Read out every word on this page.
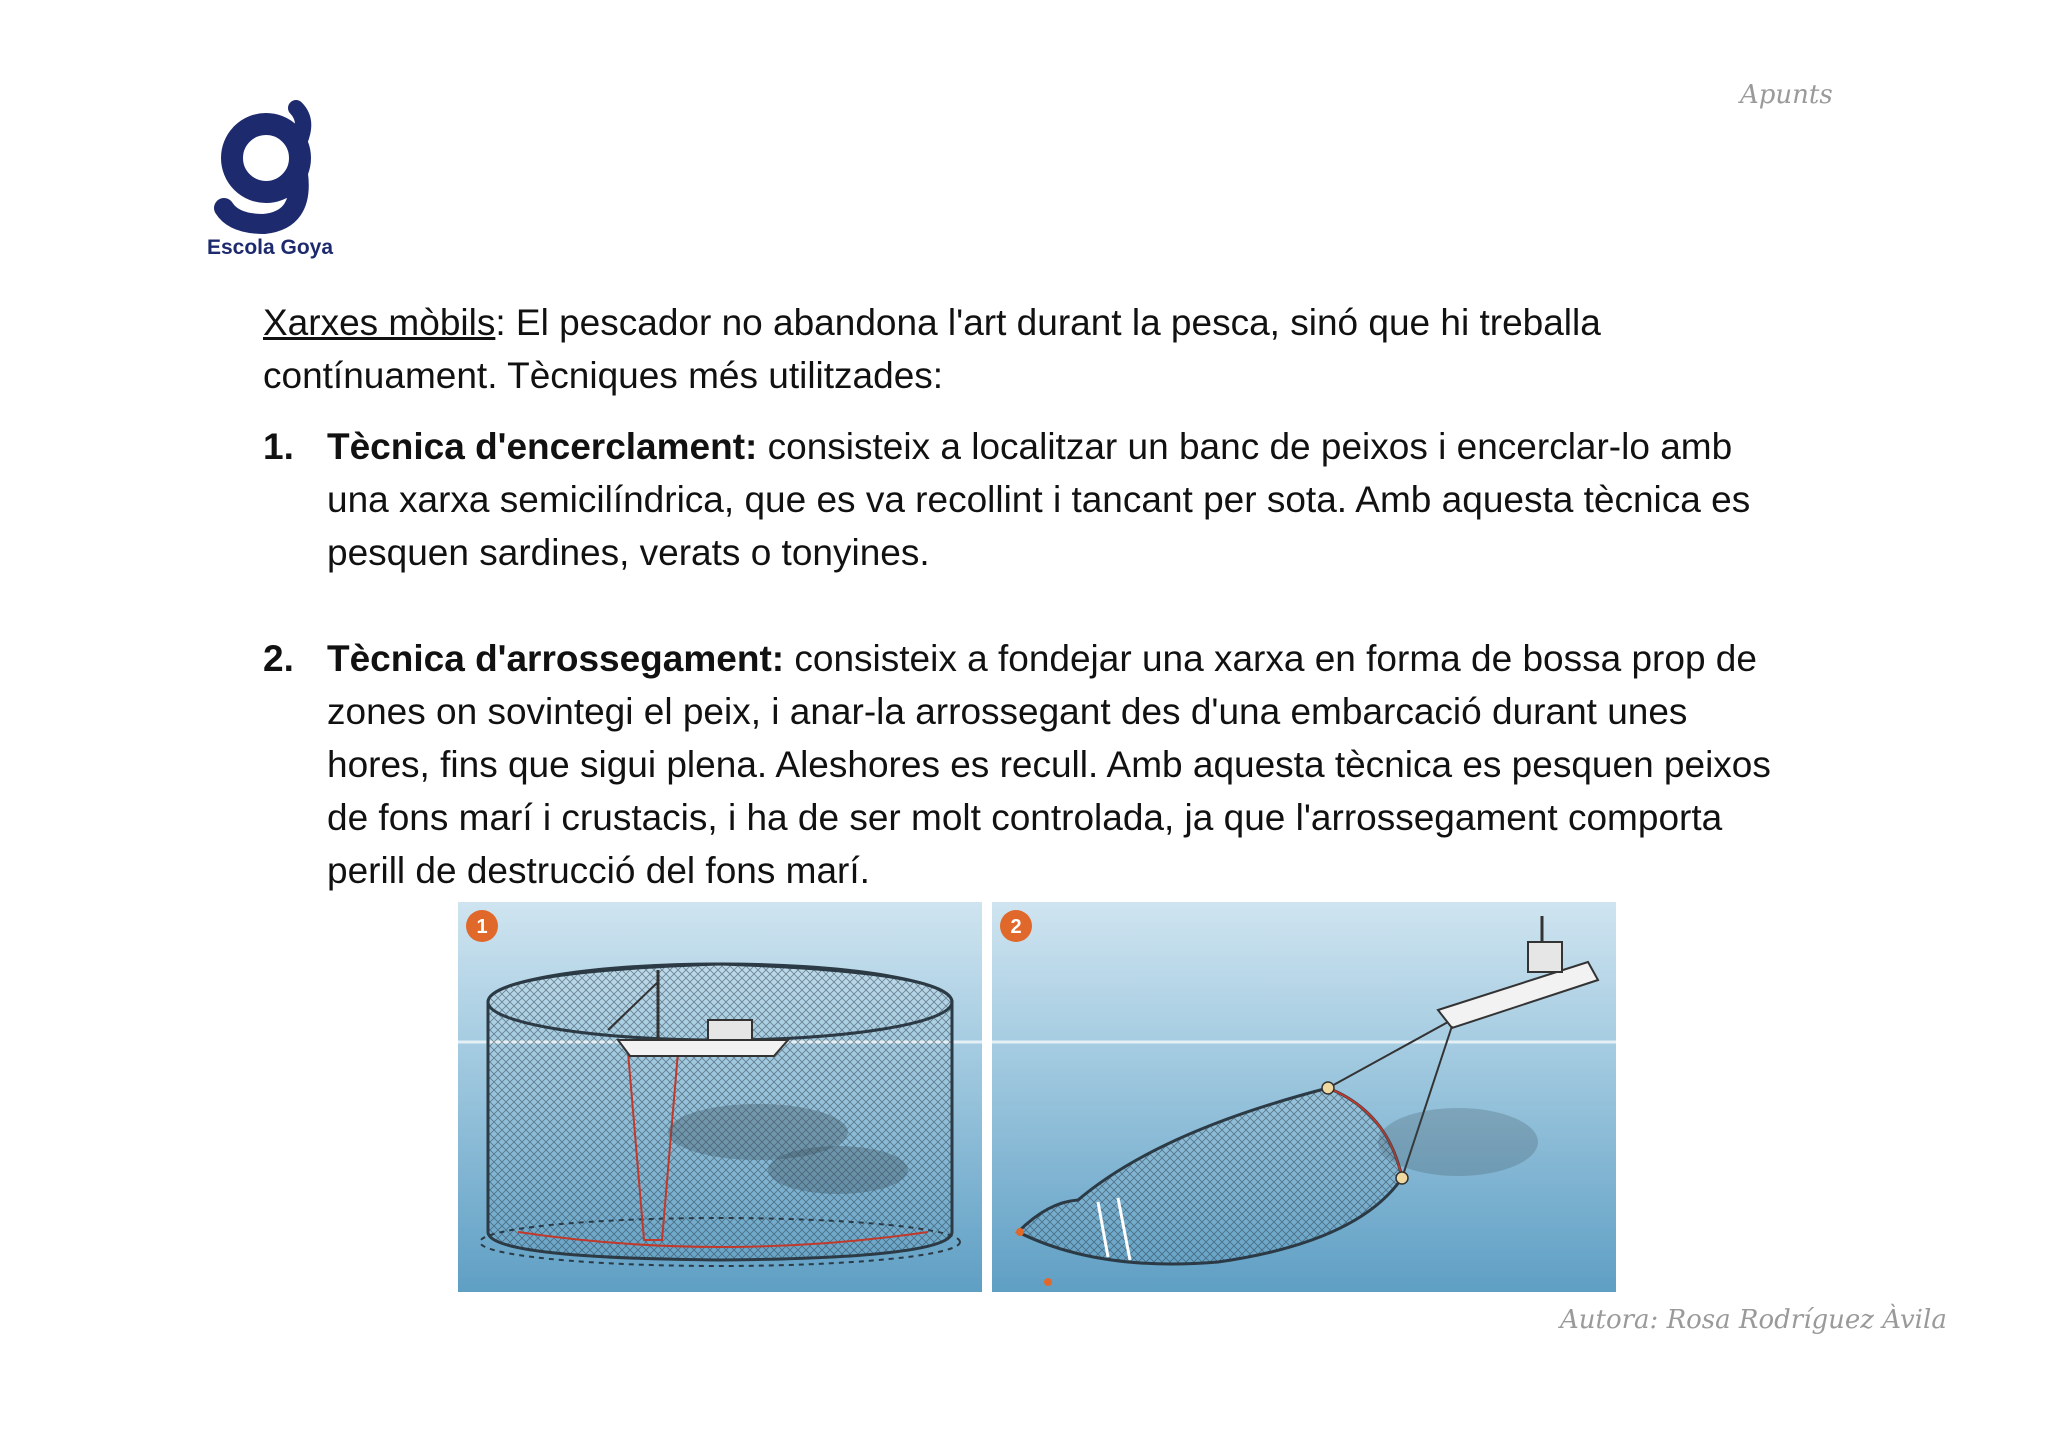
Apunts
Escola Goya

Xarxes mòbils: El pescador no abandona l'art durant la pesca, sinó que hi treballa contínuament. Tècniques més utilitzades:

1. Tècnica d'encerclament: consisteix a localitzar un banc de peixos i encerclar-lo amb una xarxa semicilíndrica, que es va recollint i tancant per sota. Amb aquesta tècnica es pesquen sardines, verats o tonyines.
2. Tècnica d'arrossegament: consisteix a fondejar una xarxa en forma de bossa prop de zones on sovintegi el peix, i anar-la arrossegant des d'una embarcació durant unes hores, fins que sigui plena. Aleshores es recull. Amb aquesta tècnica es pesquen peixos de fons marí i crustacis, i ha de ser molt controlada, ja que l'arrossegament comporta perill de destrucció del fons marí.
1	2
Autora: Rosa Rodríguez Àvila
